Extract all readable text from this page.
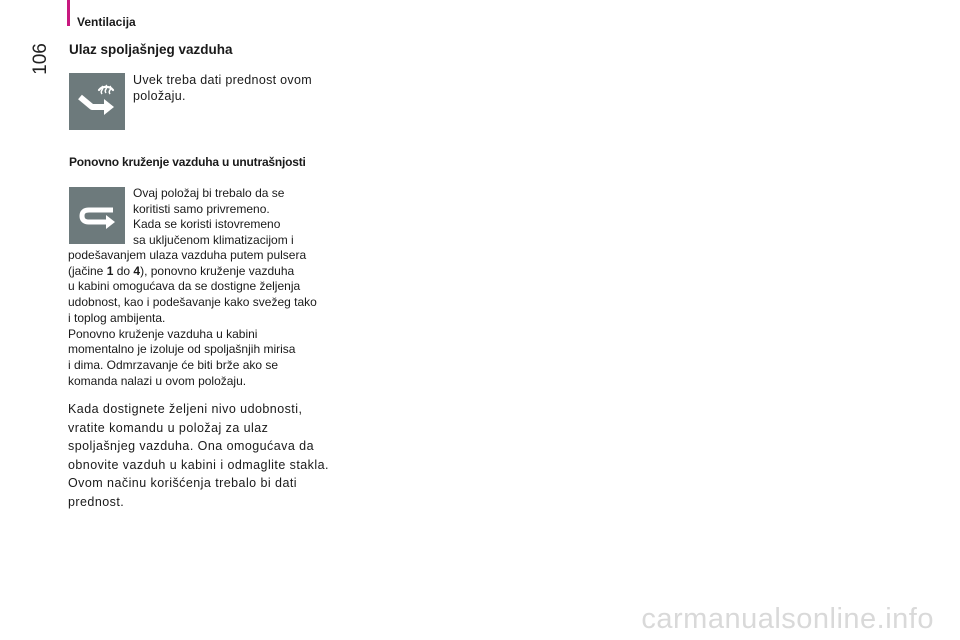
Ventilacija
106	Ulaz spoljašnjeg vazduha
Uvek treba dati prednost ovom
položaju.
Ponovno kruženje vazduha u unutrašnjosti
Ovaj položaj bi trebalo da se
koritisti samo privremeno.
Kada se koristi istovremeno
sa uključenom klimatizacijom i
podešavanjem ulaza vazduha putem pulsera
(jačine 1 do 4), ponovno kruženje vazduha
u kabini omogućava da se dostigne željenja
udobnost, kao i podešavanje kako svežeg tako
i toplog ambijenta.
Ponovno kruženje vazduha u kabini
momentalno je izoluje od spoljašnjih mirisa
i dima. Odmrzavanje će biti brže ako se
komanda nalazi u ovom položaju.
Kada dostignete željeni nivo udobnosti,
vratite komandu u položaj za ulaz
spoljašnjeg vazduha. Ona omogućava da
obnovite vazduh u kabini i odmaglite stakla.
Ovom načinu korišćenja trebalo bi dati
prednost.
carmanualsonline.info
